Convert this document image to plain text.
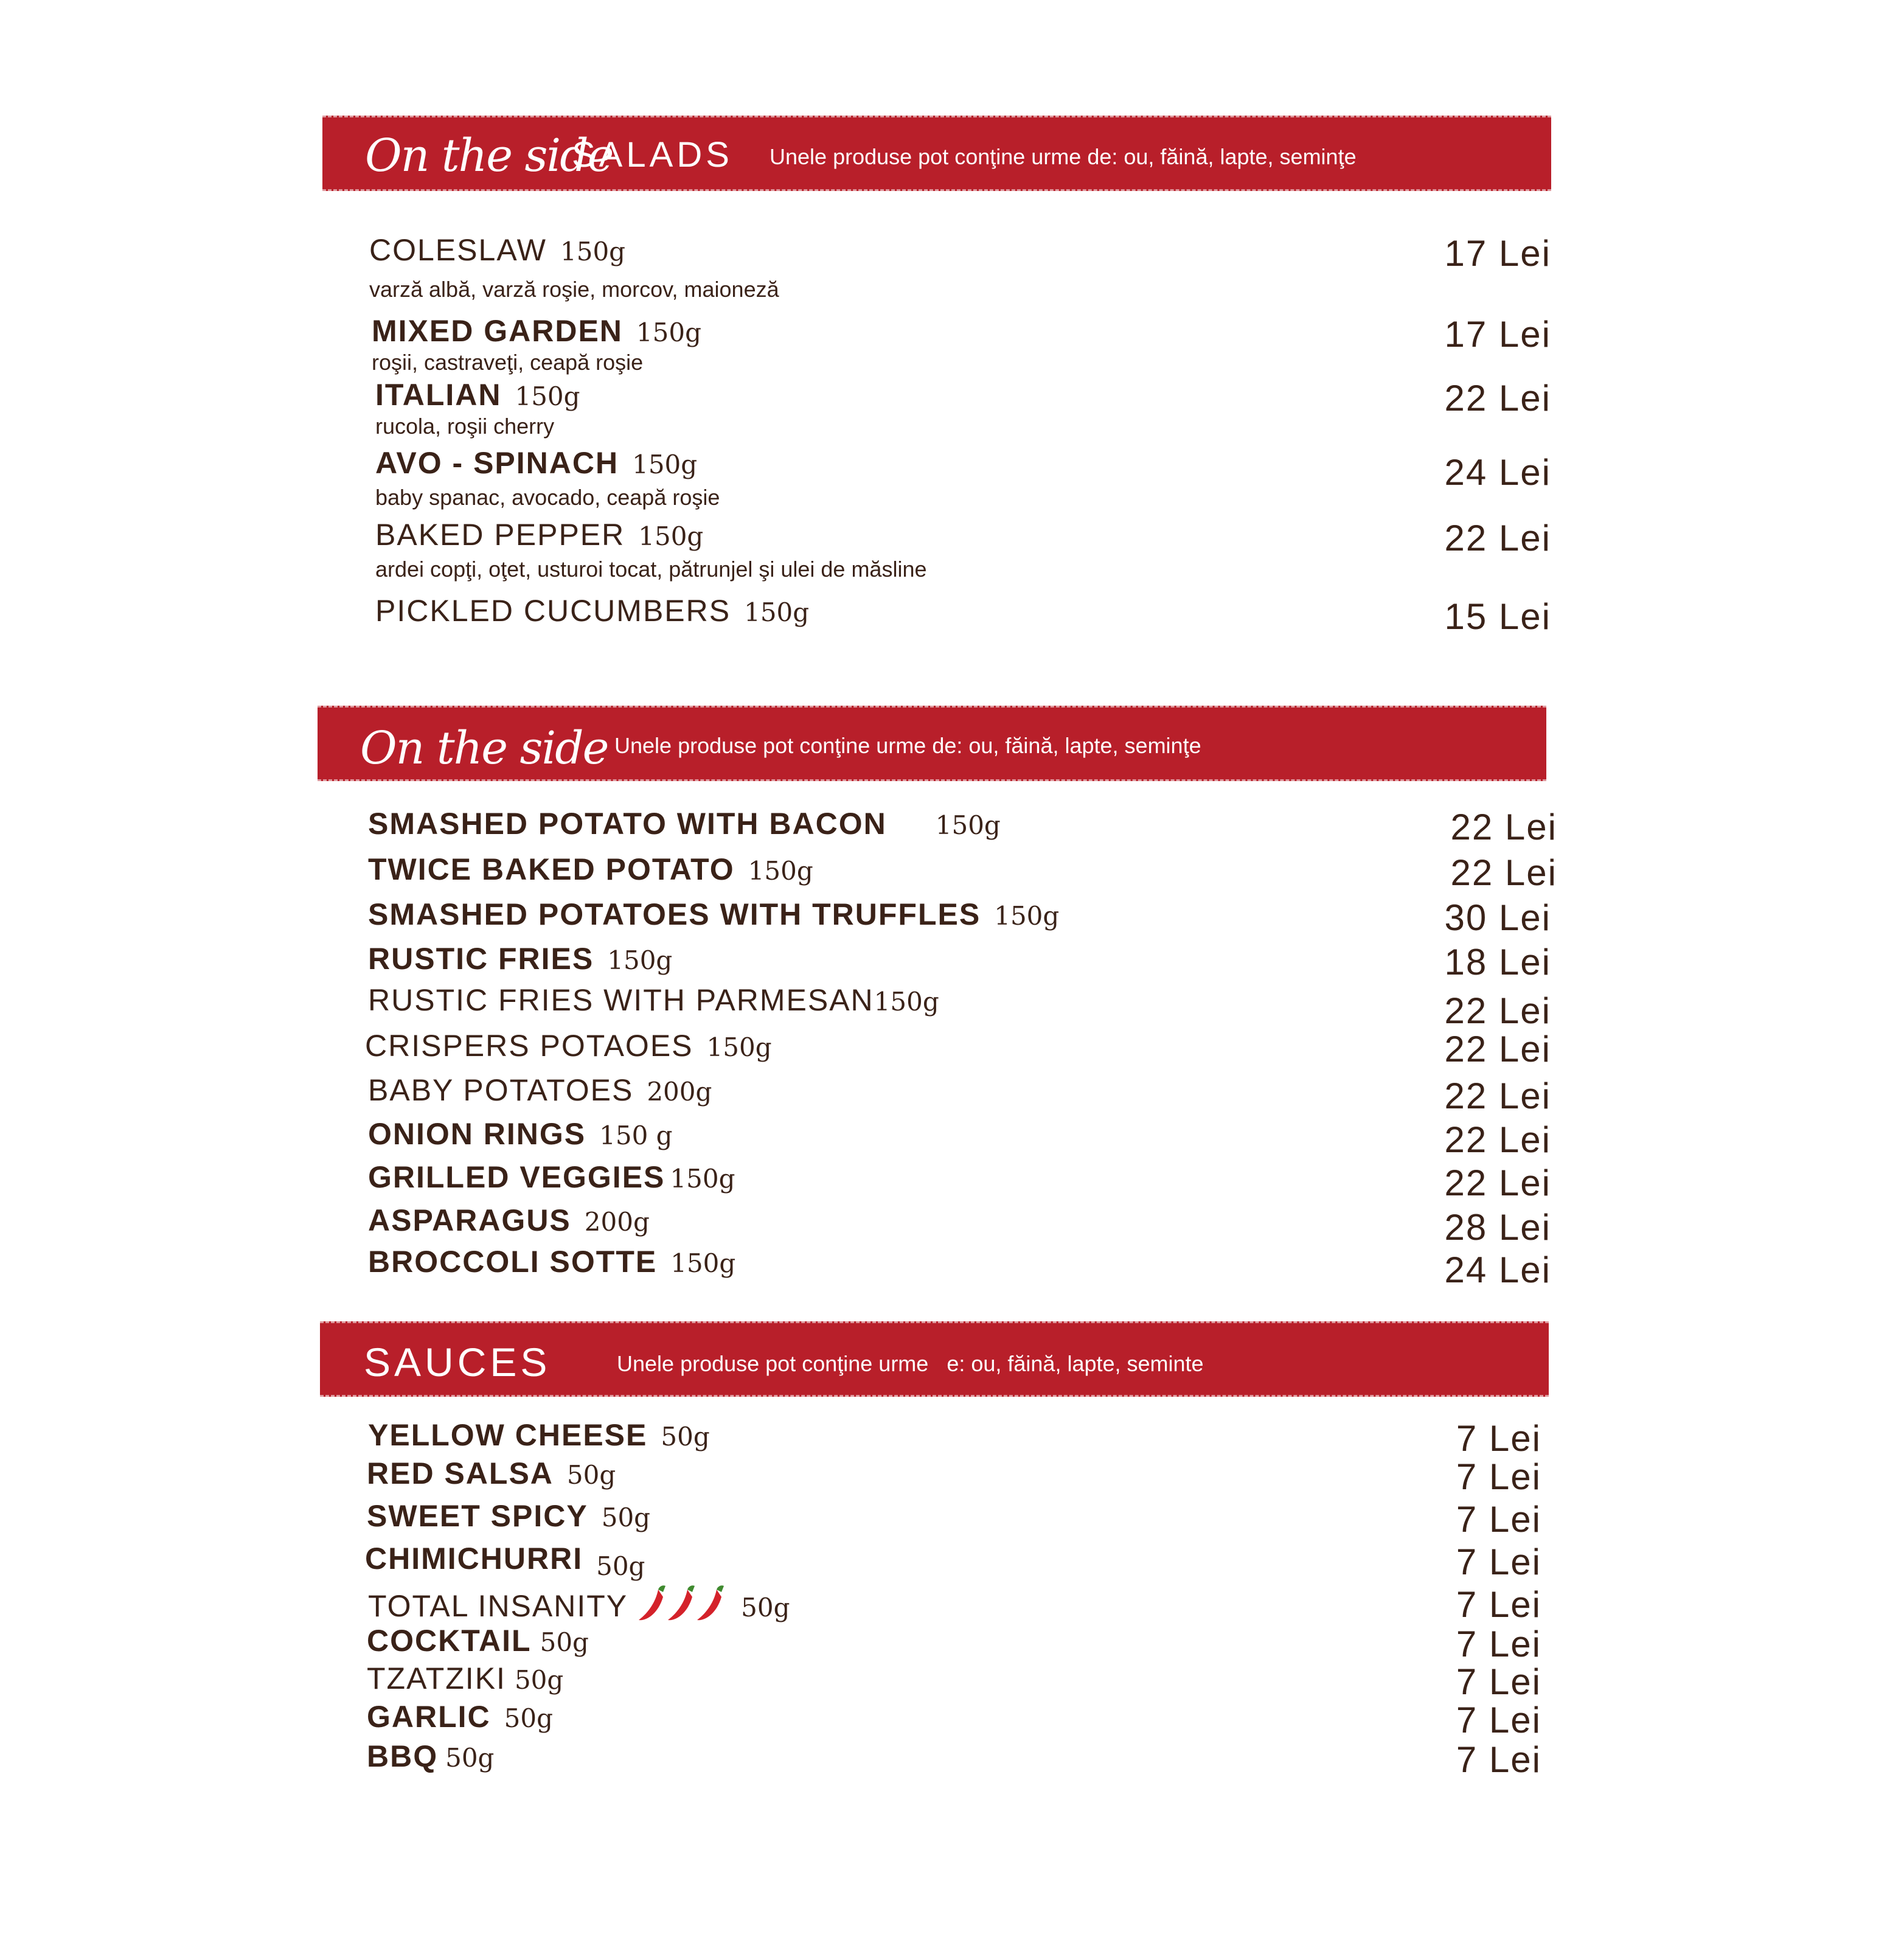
On the side
SALADS Unele produse pot conţine urme de: ou, făină, lapte, seminţe
COLESLAW 150g	17 Lei
varză albă, varză roşie, morcov, maioneză
MIXED GARDEN 150g	17 Lei
roşii, castraveţi, ceapă roşie
ITALIAN 150g	22 Lei
rucola, roşii cherry
AVO - SPINACH 150g	24 Lei
baby spanac, avocado, ceapă roşie
BAKED PEPPER 150g	22 Lei
ardei copţi, oţet, usturoi tocat, pătrunjel şi ulei de măsline
PICKLED CUCUMBERS 150g	15 Lei
On the side Unele produse pot conţine urme de: ou, făină, lapte, seminţe
SMASHED POTATO WITH BACON 150g	22 Lei
TWICE BAKED POTATO 150g	22 Lei
SMASHED POTATOES WITH TRUFFLES 150g	30 Lei
RUSTIC FRIES 150g	18 Lei
RUSTIC FRIES WITH PARMESAN150g	22 Lei
CRISPERS POTAOES 150g	22 Lei
BABY POTATOES 200g	22 Lei
ONION RINGS 150 g	22 Lei
GRILLED VEGGIES 150g	22 Lei
ASPARAGUS 200g	28 Lei
BROCCOLI SOTTE 150g	24 Lei
SAUCES	Unele produse pot conţine urme   e: ou, făină, lapte, seminte
YELLOW CHEESE 50g	7 Lei
RED SALSA 50g	7 Lei
SWEET SPICY 50g	7 Lei
CHIMICHURRI $_{50g}$	7 Lei
TOTAL INSANITY	50g	7 Lei
COCKTAIL 50g	7 Lei
TZATZIKI 50g	7 Lei
GARLIC 50g	7 Lei
BBQ 50g	7 Lei
